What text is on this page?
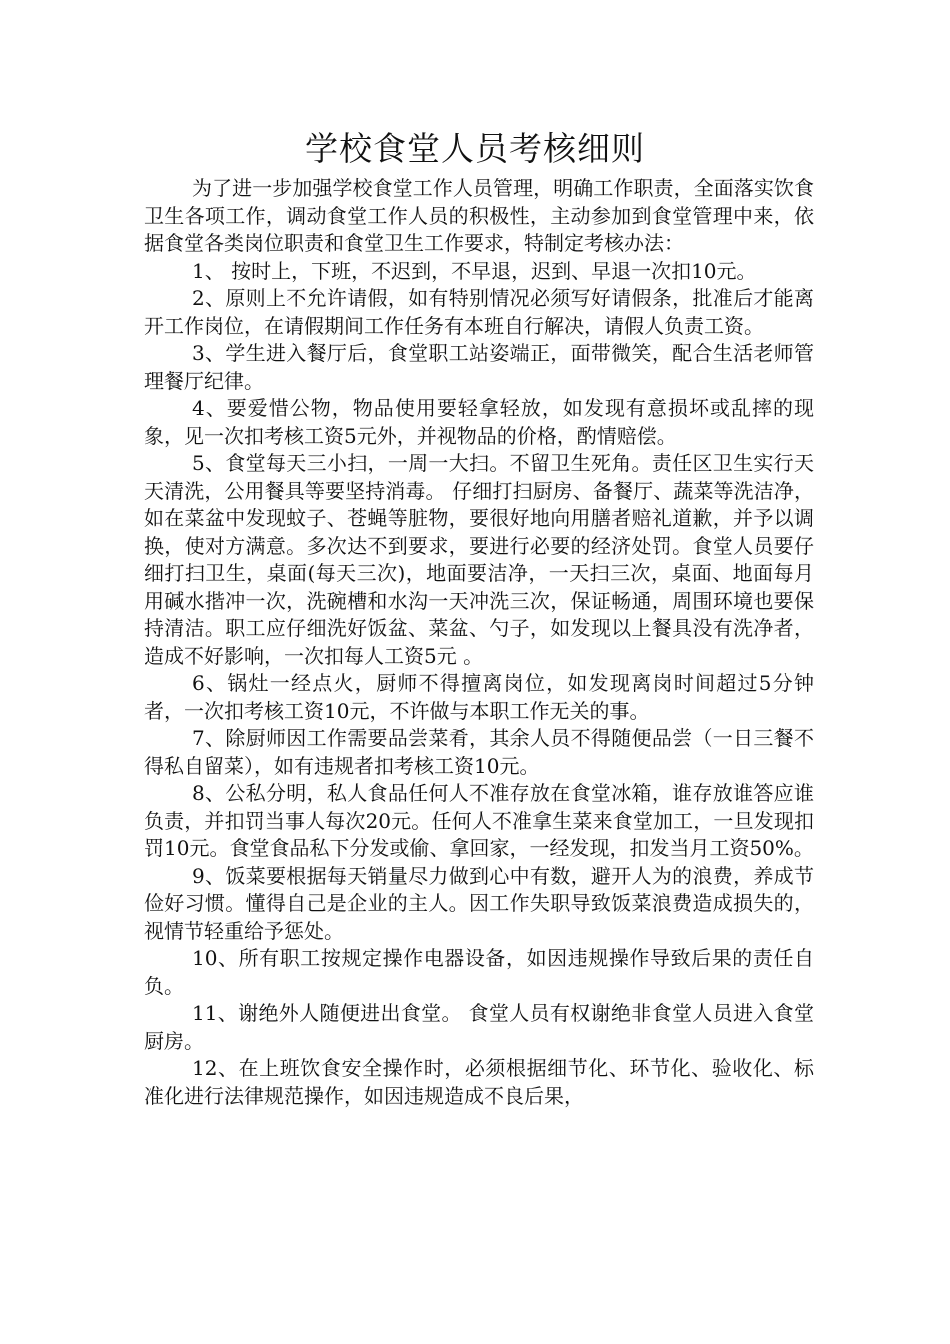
学校食堂人员考核细则

为了进一步加强学校食堂工作人员管理，明确工作职责，全面落实饮食卫生各项工作，调动食堂工作人员的积极性，主动参加到食堂管理中来，依据食堂各类岗位职责和食堂卫生工作要求，特制定考核办法：

1、 按时上，下班，不迟到，不早退，迟到、早退一次扣10元。

2、原则上不允许请假，如有特别情况必须写好请假条，批准后才能离开工作岗位，在请假期间工作任务有本班自行解决，请假人负责工资。

3、学生进入餐厅后，食堂职工站姿端正，面带微笑，配合生活老师管理餐厅纪律。

4、要爱惜公物，物品使用要轻拿轻放，如发现有意损坏或乱摔的现象，见一次扣考核工资5元外，并视物品的价格，酌情赔偿。

5、食堂每天三小扫，一周一大扫。不留卫生死角。责任区卫生实行天天清洗，公用餐具等要坚持消毒。 仔细打扫厨房、备餐厅、蔬菜等洗洁净，如在菜盆中发现蚊子、苍蝇等脏物，要很好地向用膳者赔礼道歉，并予以调换，使对方满意。多次达不到要求，要进行必要的经济处罚。食堂人员要仔细打扫卫生，桌面(每天三次)，地面要洁净，一天扫三次，桌面、地面每月用碱水揩冲一次，洗碗槽和水沟一天冲洗三次，保证畅通，周围环境也要保持清洁。职工应仔细洗好饭盆、菜盆、勺子，如发现以上餐具没有洗净者，造成不好影响，一次扣每人工资5元 。

6、锅灶一经点火，厨师不得擅离岗位，如发现离岗时间超过5分钟者，一次扣考核工资10元，不许做与本职工作无关的事。

7、除厨师因工作需要品尝菜肴，其余人员不得随便品尝（一日三餐不得私自留菜），如有违规者扣考核工资10元。

8、公私分明，私人食品任何人不准存放在食堂冰箱，谁存放谁答应谁负责，并扣罚当事人每次20元。任何人不准拿生菜来食堂加工，一旦发现扣罚10元。食堂食品私下分发或偷、拿回家，一经发现，扣发当月工资50%。

9、饭菜要根据每天销量尽力做到心中有数，避开人为的浪费，养成节俭好习惯。懂得自己是企业的主人。因工作失职导致饭菜浪费造成损失的，视情节轻重给予惩处。

10、所有职工按规定操作电器设备，如因违规操作导致后果的责任自负。

11、谢绝外人随便进出食堂。 食堂人员有权谢绝非食堂人员进入食堂厨房。

12、在上班饮食安全操作时，必须根据细节化、环节化、验收化、标准化进行法律规范操作，如因违规造成不良后果，
